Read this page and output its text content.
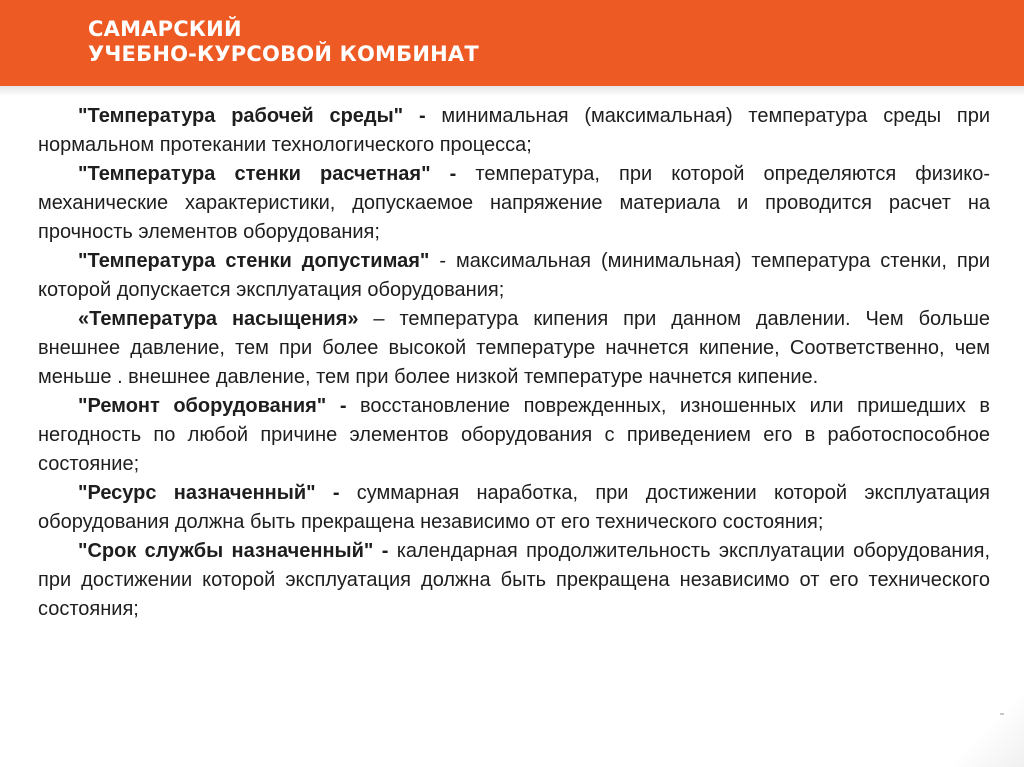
САМАРСКИЙ
УЧЕБНО-КУРСОВОЙ КОМБИНАТ

"Температура рабочей среды" - минимальная (максимальная) температура среды при нормальном протекании технологического процесса;

"Температура стенки расчетная" - температура, при которой определяются физико-механические характеристики, допускаемое напряжение материала и проводится расчет на прочность элементов оборудования;

"Температура стенки допустимая" - максимальная (минимальная) температура стенки, при которой допускается эксплуатация оборудования;

«Температура насыщения» – температура кипения при данном давлении. Чем больше внешнее давление, тем при более высокой температуре начнется кипение, Соответственно, чем меньше . внешнее давление, тем при более низкой температуре начнется кипение.

"Ремонт оборудования" - восстановление поврежденных, изношенных или пришедших в негодность по любой причине элементов оборудования с приведением его в работоспособное состояние;

"Ресурс назначенный" - суммарная наработка, при достижении которой эксплуатация оборудования должна быть прекращена независимо от его технического состояния;

"Срок службы назначенный" - календарная продолжительность эксплуатации оборудования, при достижении которой эксплуатация должна быть прекращена независимо от его технического состояния;
